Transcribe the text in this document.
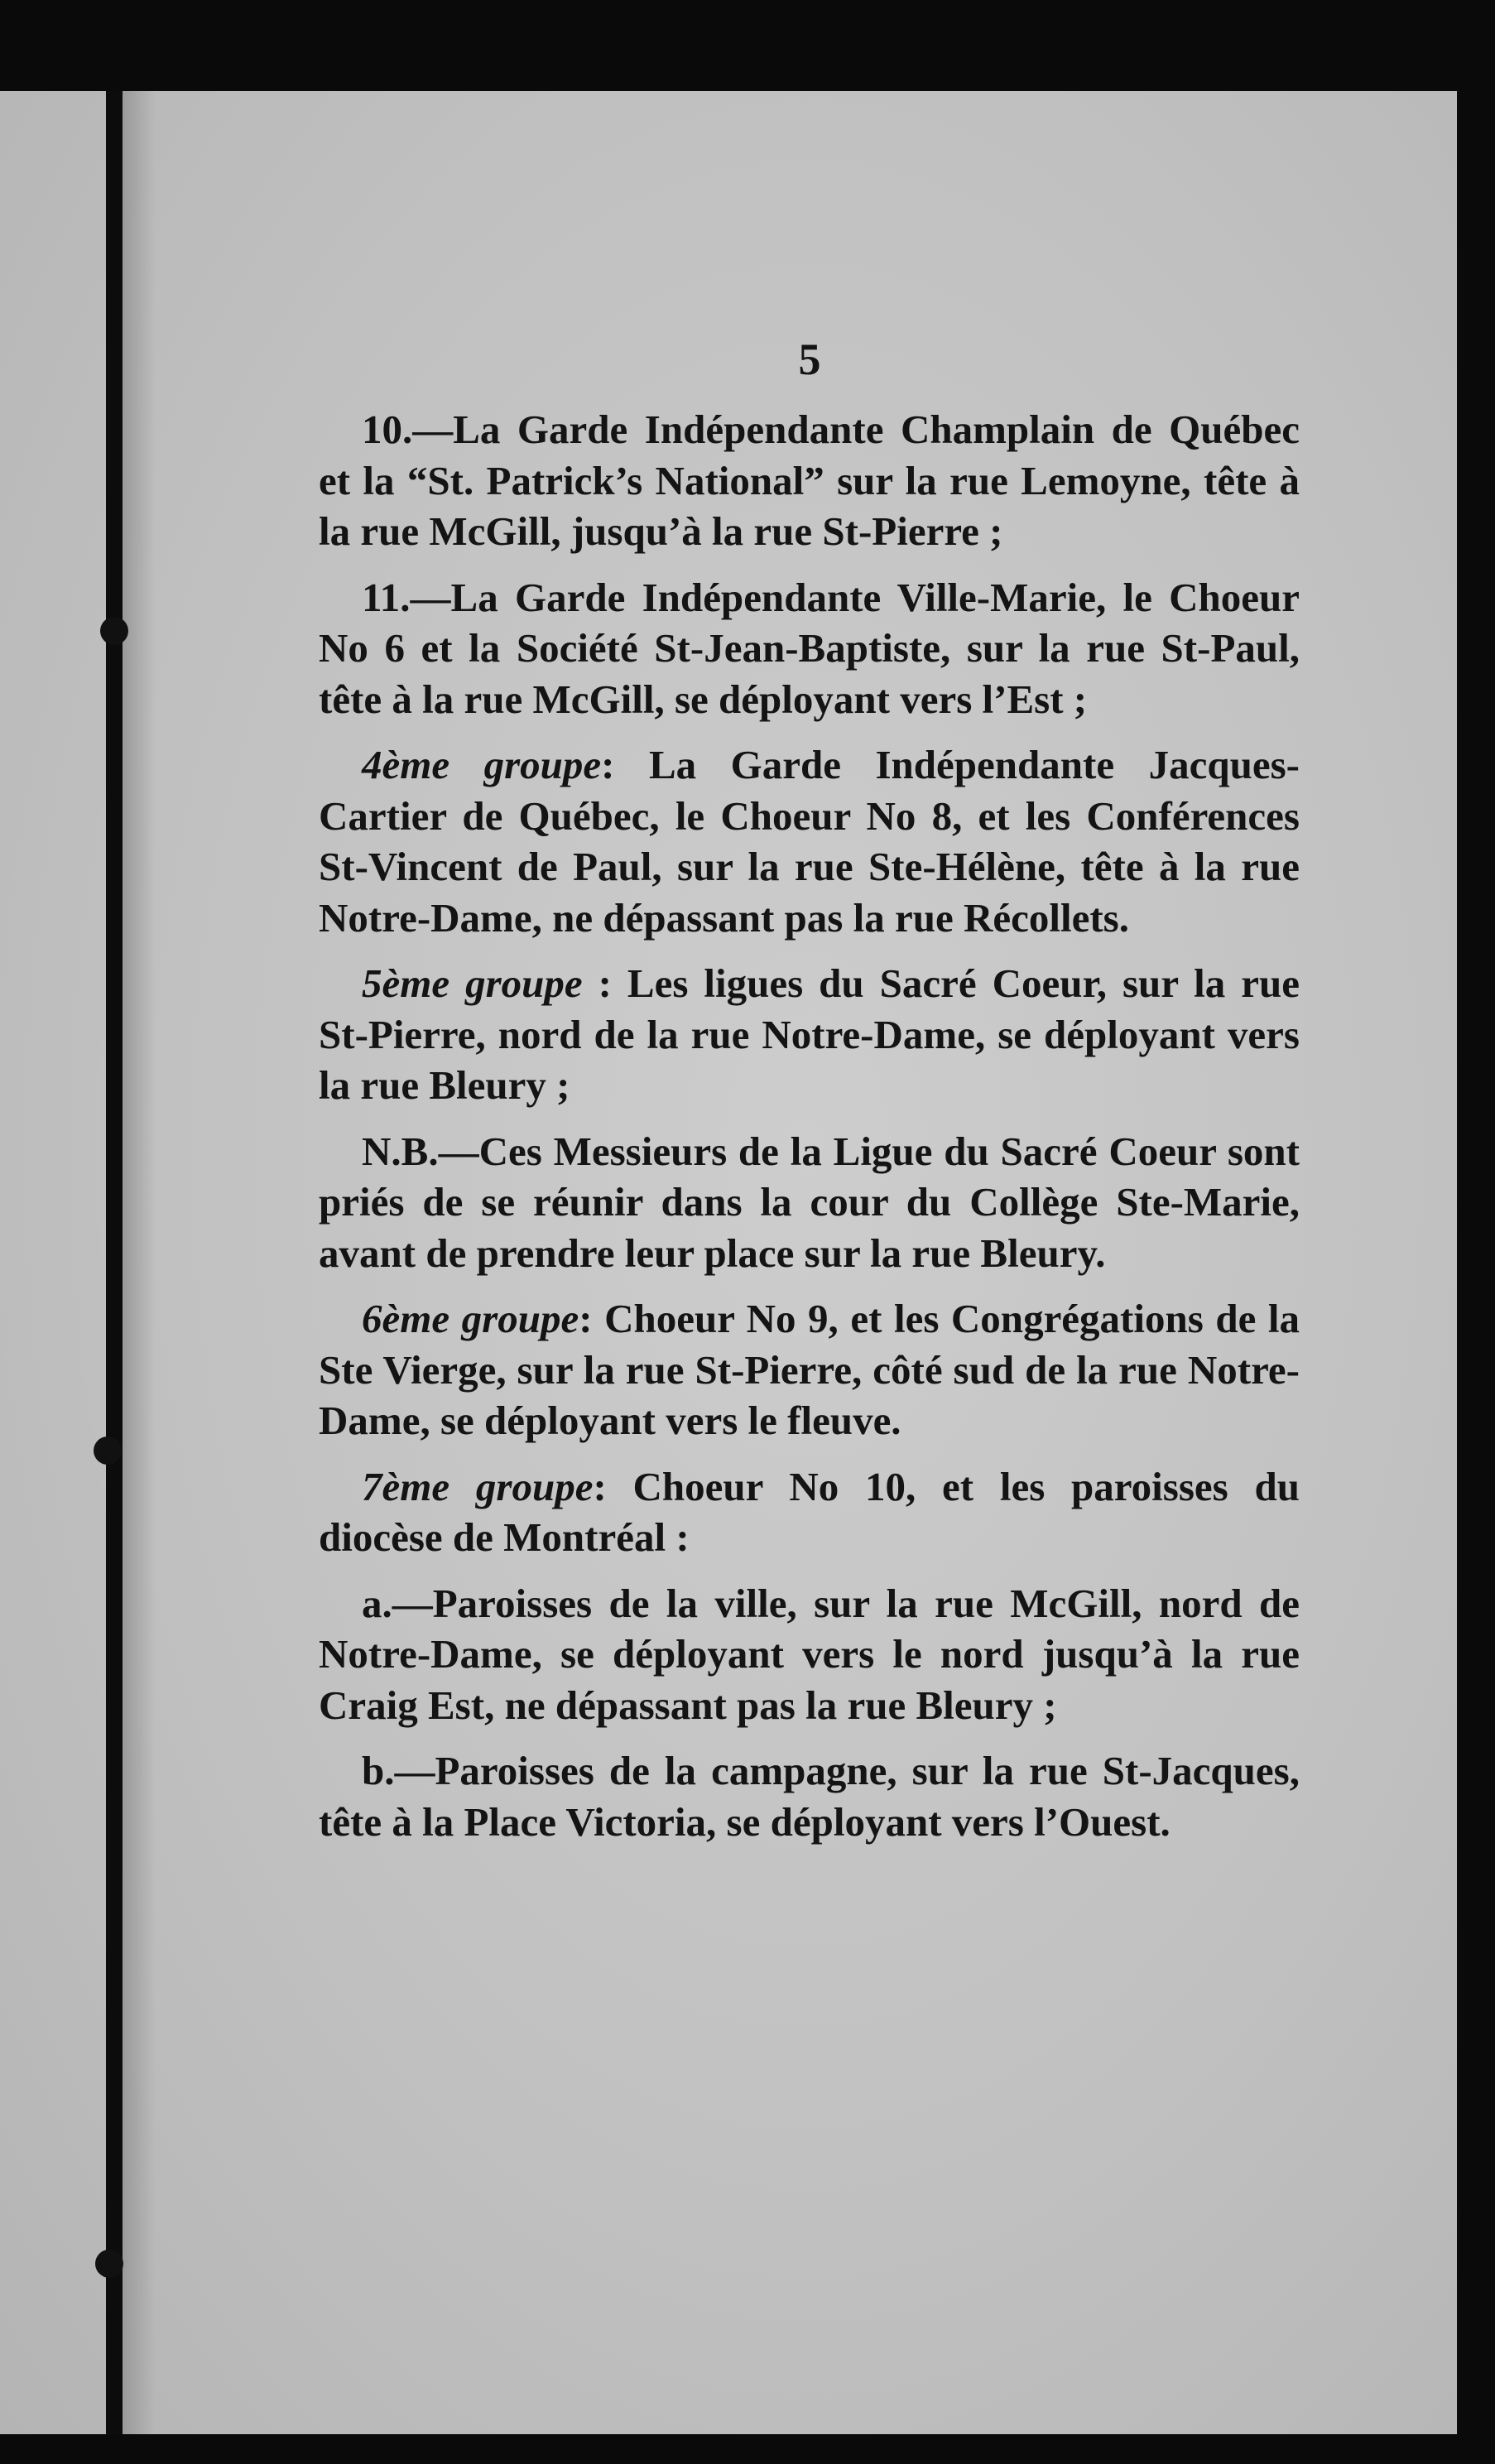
5

10.—La Garde Indépendante Champlain de Québec et la “St. Patrick’s National” sur la rue Lemoyne, tête à la rue McGill, jusqu’à la rue St-Pierre ;

11.—La Garde Indépendante Ville-Marie, le Choeur No 6 et la Société St-Jean-Baptiste, sur la rue St-Paul, tête à la rue McGill, se déployant vers l’Est ;

4ème groupe: La Garde Indépendante Jacques-Cartier de Québec, le Choeur No 8, et les Conférences St-Vincent de Paul, sur la rue Ste-Hélène, tête à la rue Notre-Dame, ne dépassant pas la rue Récollets.

5ème groupe : Les ligues du Sacré Coeur, sur la rue St-Pierre, nord de la rue Notre-Dame, se déployant vers la rue Bleury ;

N.B.—Ces Messieurs de la Ligue du Sacré Coeur sont priés de se réunir dans la cour du Collège Ste-Marie, avant de prendre leur place sur la rue Bleury.

6ème groupe: Choeur No 9, et les Congrégations de la Ste Vierge, sur la rue St-Pierre, côté sud de la rue Notre-Dame, se déployant vers le fleuve.

7ème groupe: Choeur No 10, et les paroisses du diocèse de Montréal :

a.—Paroisses de la ville, sur la rue McGill, nord de Notre-Dame, se déployant vers le nord jusqu’à la rue Craig Est, ne dépassant pas la rue Bleury ;

b.—Paroisses de la campagne, sur la rue St-Jacques, tête à la Place Victoria, se déployant vers l’Ouest.
